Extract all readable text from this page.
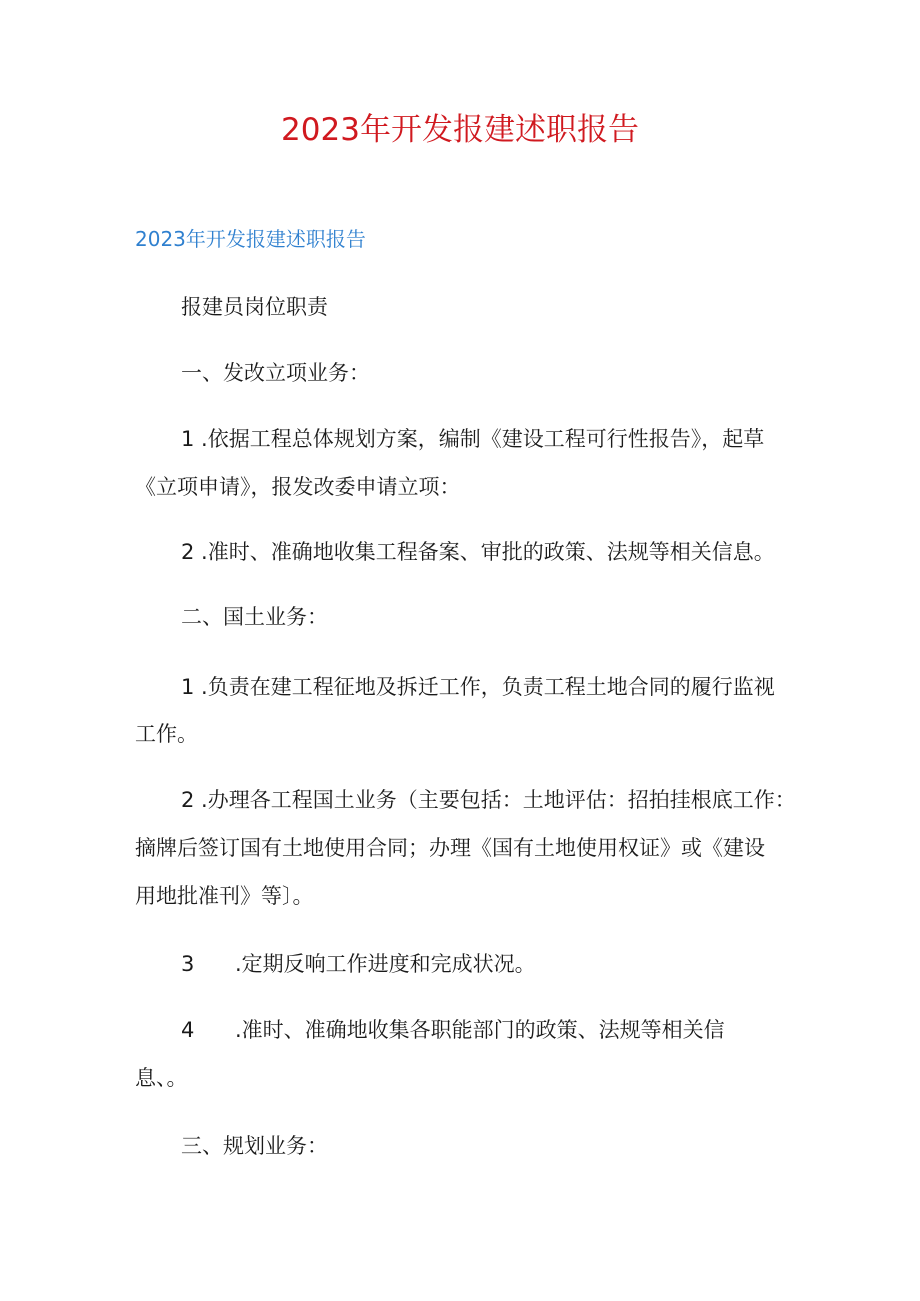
2023年开发报建述职报告
2023年开发报建述职报告
报建员岗位职责
一、发改立项业务：
1 .依据工程总体规划方案，编制《建设工程可行性报告》，起草
《立项申请》，报发改委申请立项：
2 .准时、准确地收集工程备案、审批的政策、法规等相关信息。
二、国土业务：
1 .负责在建工程征地及拆迁工作，负责工程土地合同的履行监视
工作。
2 .办理各工程国土业务（主要包括：土地评估：招拍挂根底工作：
摘牌后签订国有土地使用合同；办理《国有土地使用权证》或《建设
用地批准刊》等〕。
3 .定期反响工作进度和完成状况。
4 .准时、准确地收集各职能部门的政策、法规等相关信
息、。
三、规划业务：
